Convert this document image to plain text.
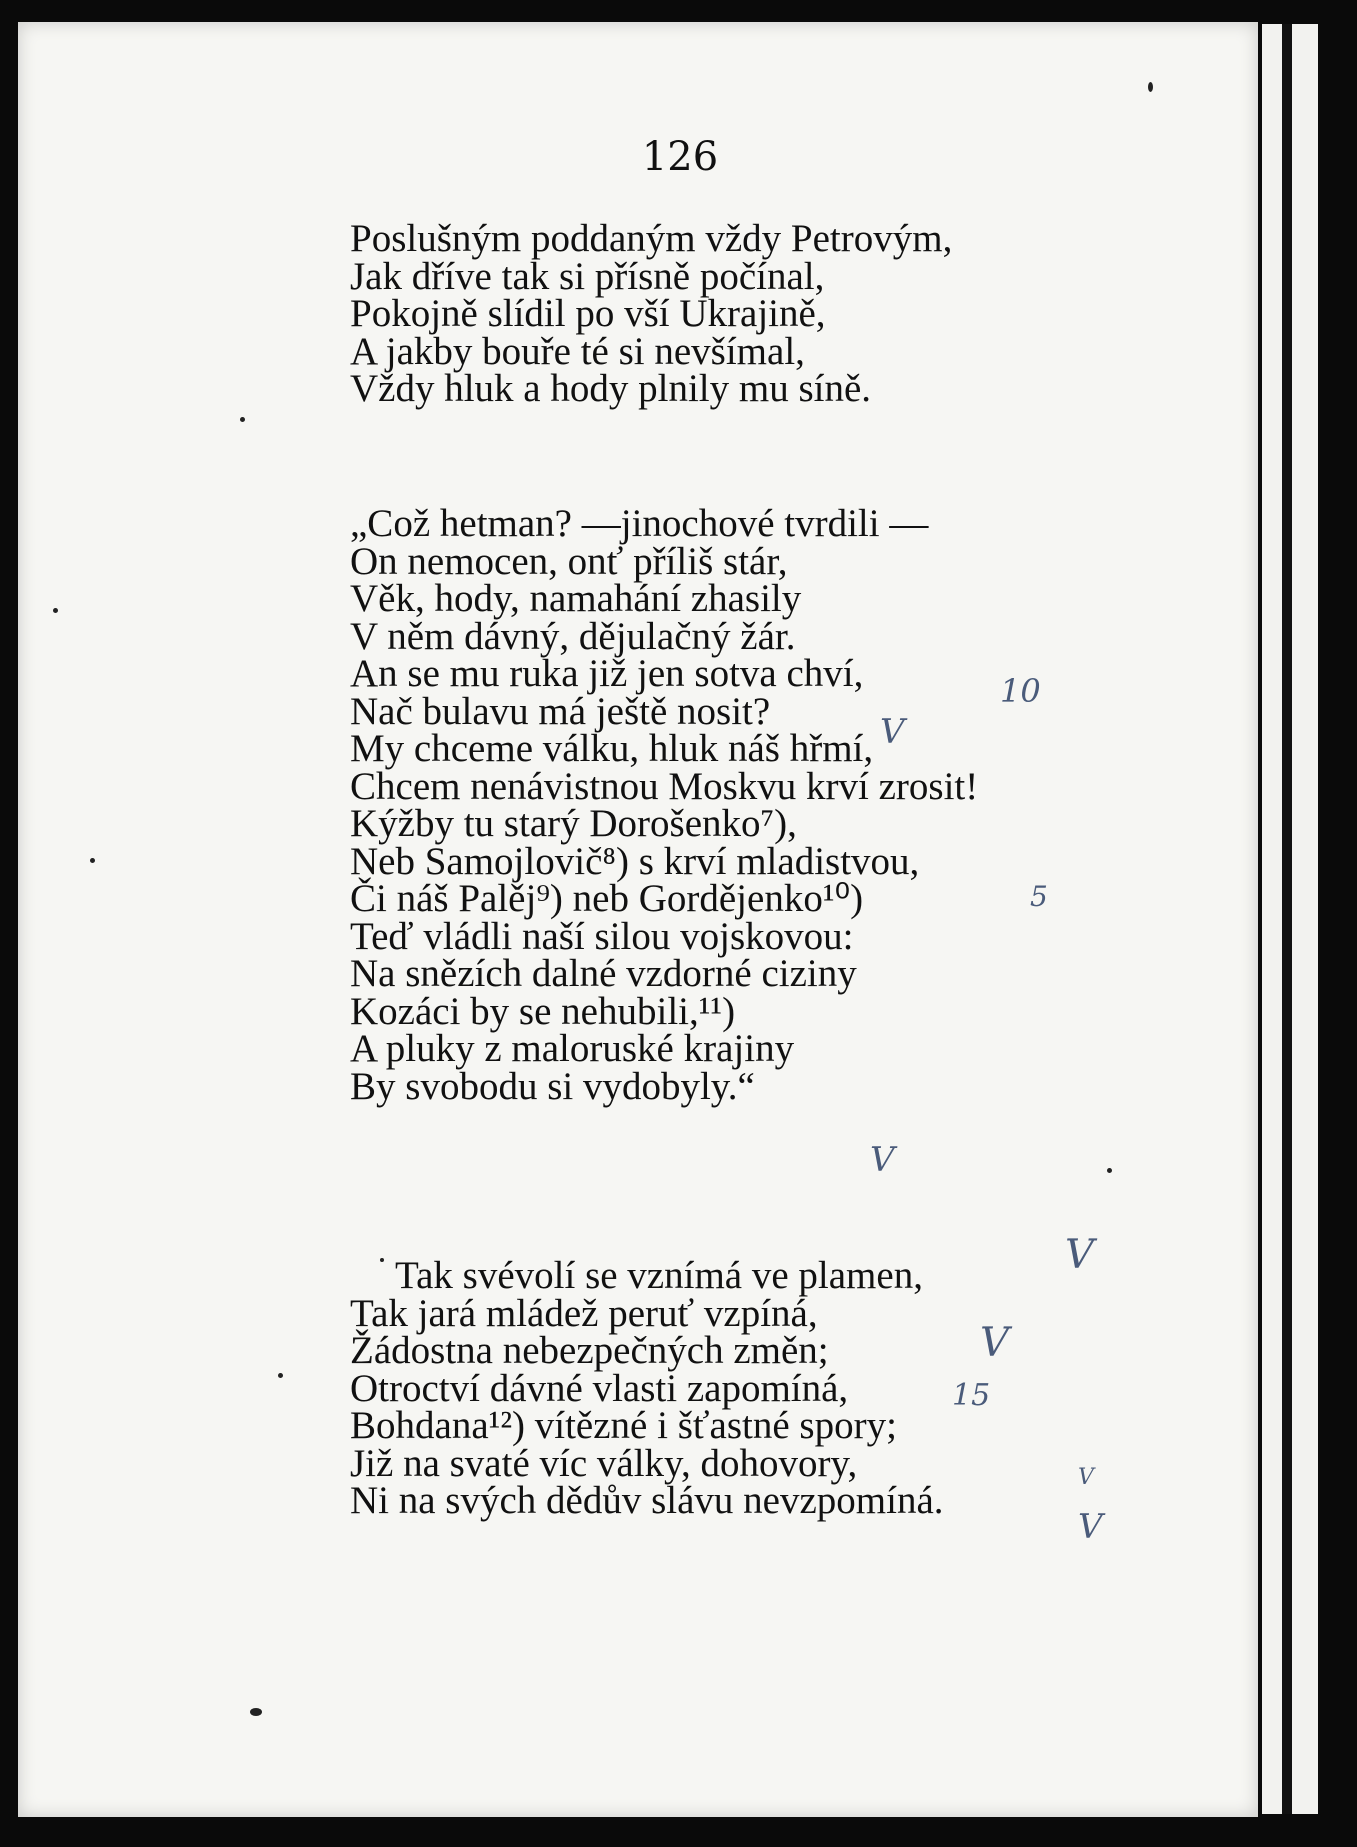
126
Poslušným poddaným vždy Petrovým,
Jak dříve tak si přísně počínal,
Pokojně slídil po vší Ukrajině,
A jakby bouře té si nevšímal,
Vždy hluk a hody plnily mu síně.
„Což hetman? —jinochové tvrdili —
On nemocen, onť příliš stár,
Věk, hody, namahání zhasily
V něm dávný, dějulačný žár.
An se mu ruka již jen sotva chví,
Nač bulavu má ještě nosit?
My chceme válku, hluk náš hřmí,
Chcem nenávistnou Moskvu krví zrosit!
Kýžby tu starý Dorošenko⁷),
Neb Samojlovič⁸) s krví mladistvou,
Či náš Palěj⁹) neb Gorděјenko¹⁰)
Teď vládli naší silou vojskovou:
Na snězích dalné vzdorné ciziny
Kozáci by se nehubili,¹¹)
A pluky z maloruské krajiny
By svobodu si vydobyly.“
Tak svévolí se vznímá ve plamen,
Tak jará mládež peruť vzpíná,
Žádostna nebezpečných změn;
Otroctví dávné vlasti zapomíná,
Bohdana¹²) vítězné i šťastné spory;
Již na svaté víc války, dohovory,
Ni na svých dědův slávu nevzpomíná.
10
V
5
V
V
V
15
V
V
